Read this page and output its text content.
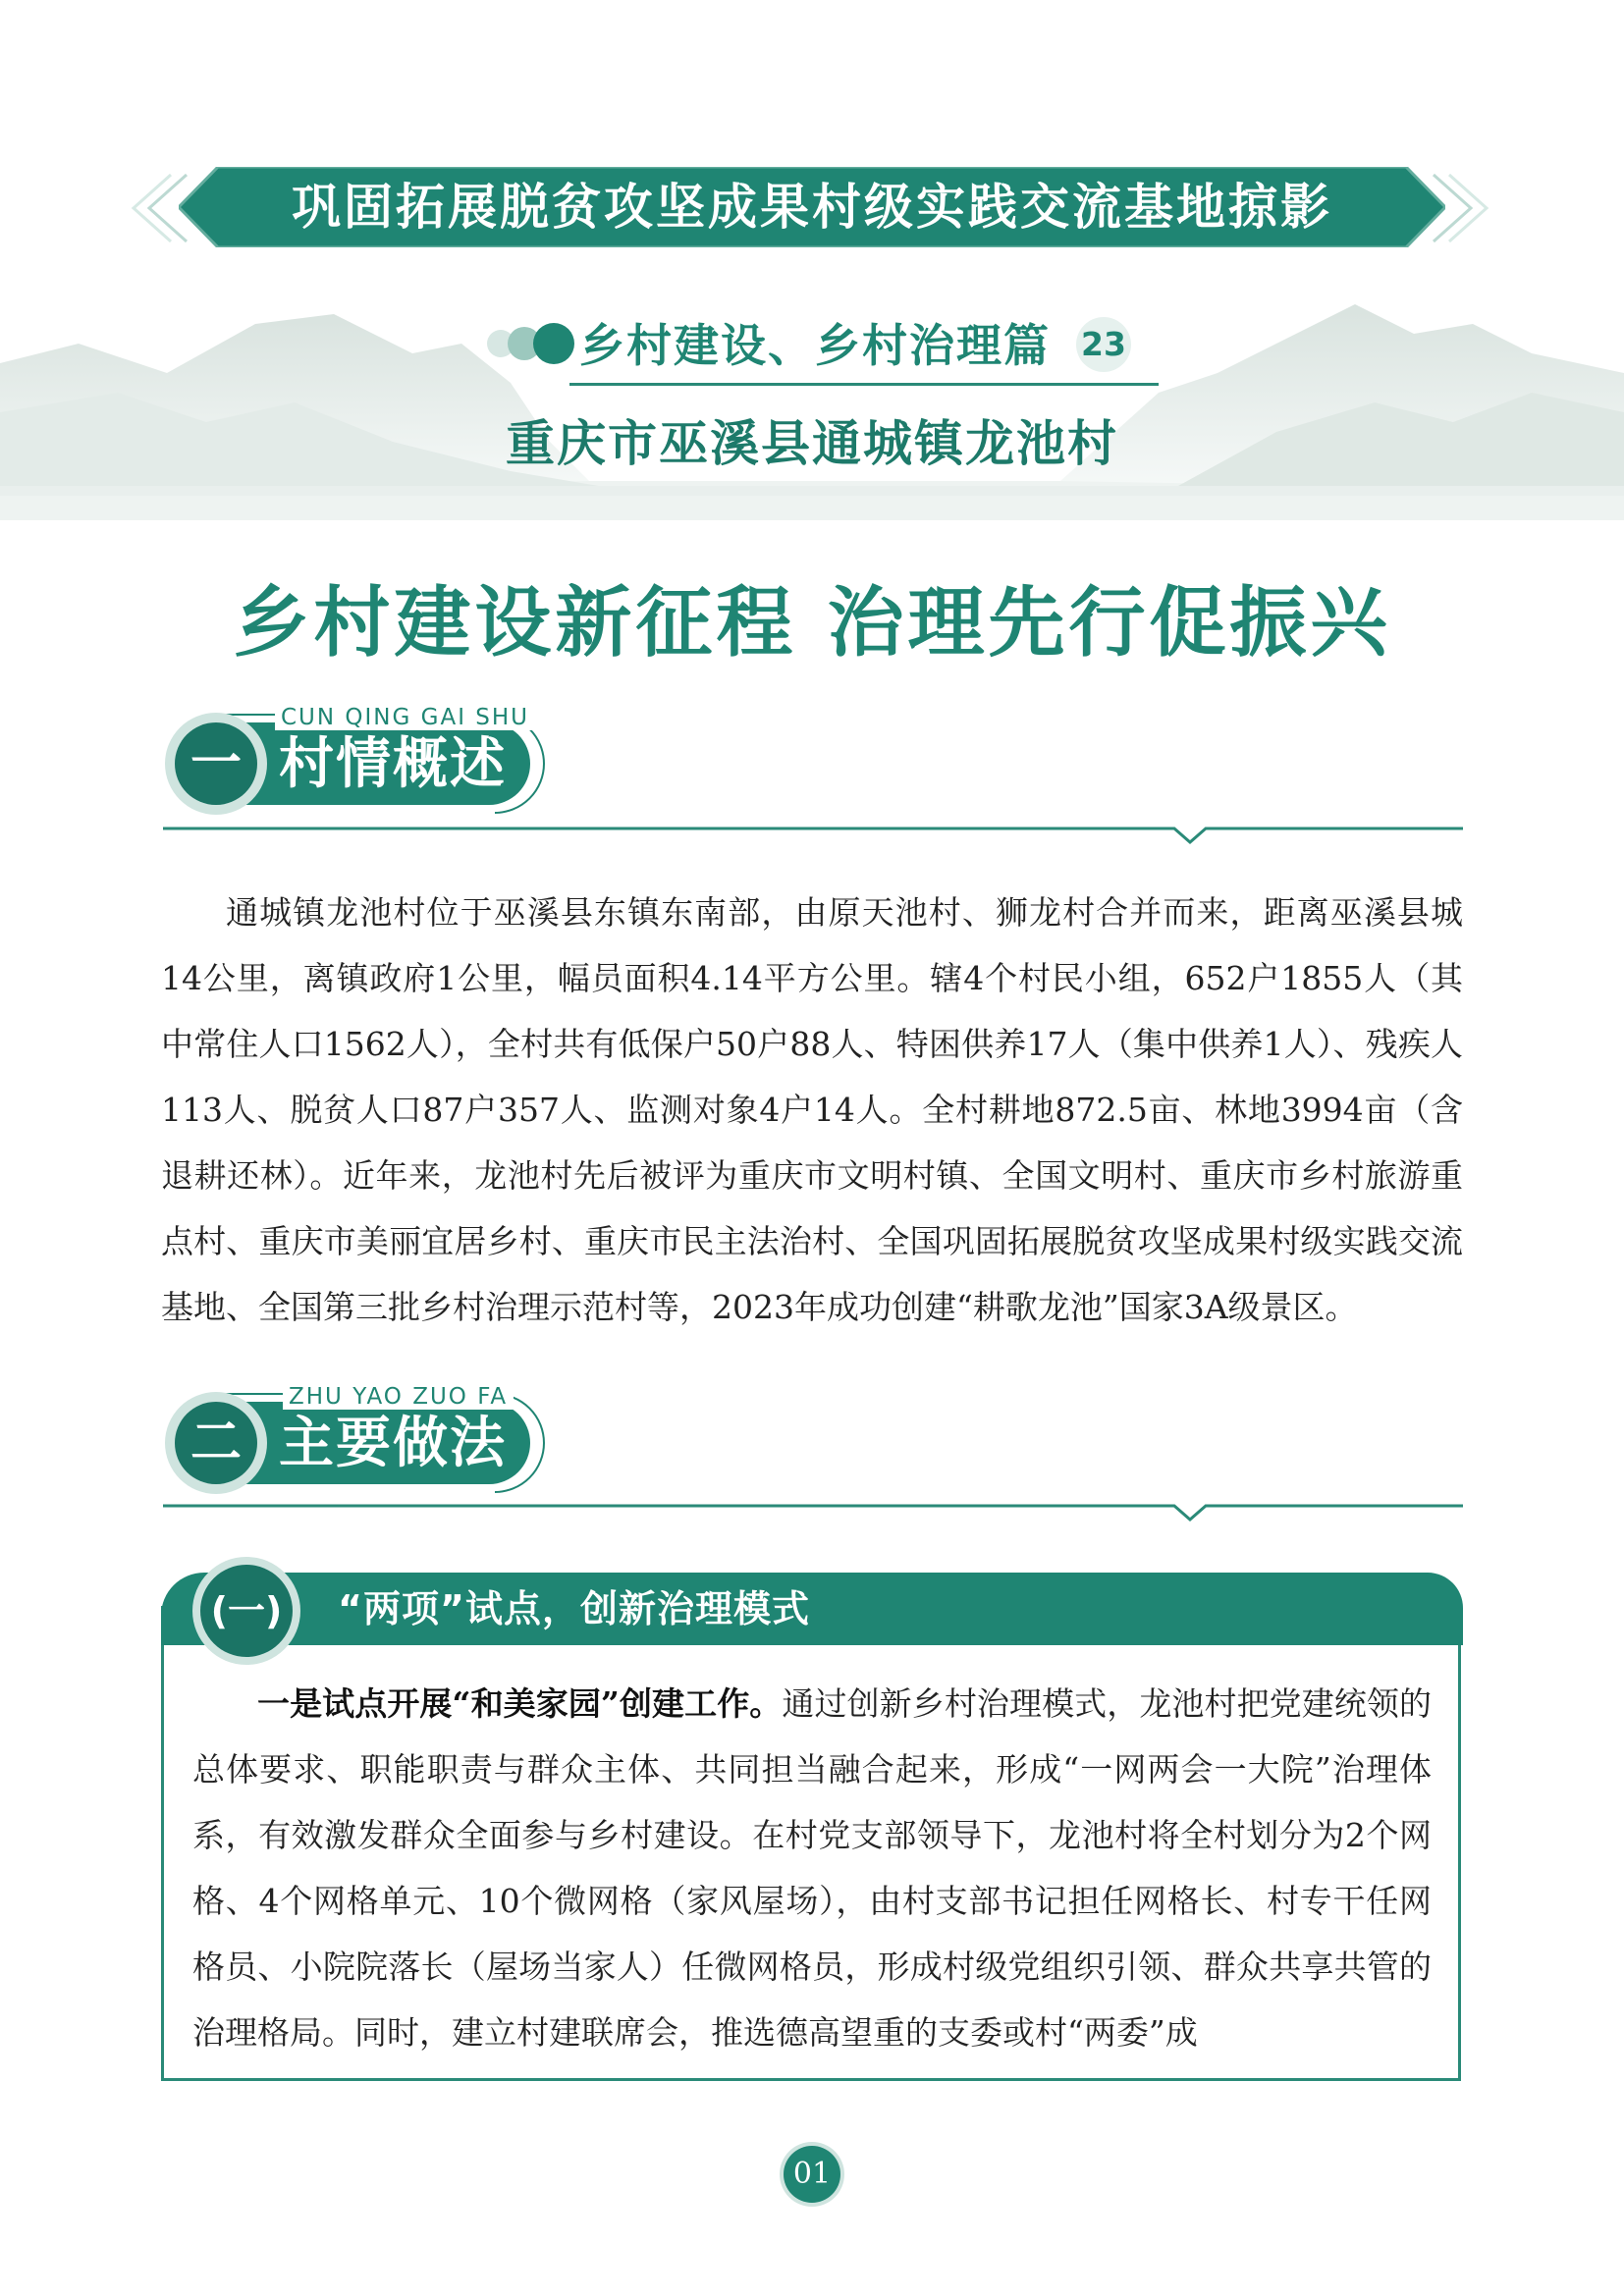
巩固拓展脱贫攻坚成果村级实践交流基地掠影
乡村建设、乡村治理篇 23
重庆市巫溪县通城镇龙池村
乡村建设新征程 治理先行促振兴
CUN QING GAI SHU
一 村情概述
通城镇龙池村位于巫溪县东镇东南部，由原天池村、狮龙村合并而来，距离巫溪县城14公里，离镇政府1公里，幅员面积4.14平方公里。辖4个村民小组，652户1855人（其中常住人口1562人），全村共有低保户50户88人、特困供养17人（集中供养1人）、残疾人113人、脱贫人口87户357人、监测对象4户14人。全村耕地872.5亩、林地3994亩（含退耕还林）。近年来，龙池村先后被评为重庆市文明村镇、全国文明村、重庆市乡村旅游重点村、重庆市美丽宜居乡村、重庆市民主法治村、全国巩固拓展脱贫攻坚成果村级实践交流基地、全国第三批乡村治理示范村等，2023年成功创建“耕歌龙池”国家3A级景区。
ZHU YAO ZUO FA
二 主要做法
(一) “两项”试点，创新治理模式
一是试点开展“和美家园”创建工作。通过创新乡村治理模式，龙池村把党建统领的总体要求、职能职责与群众主体、共同担当融合起来，形成“一网两会一大院”治理体系，有效激发群众全面参与乡村建设。在村党支部领导下，龙池村将全村划分为2个网格、4个网格单元、10个微网格（家风屋场），由村支部书记担任网格长、村专干任网格员、小院院落长（屋场当家人）任微网格员，形成村级党组织引领、群众共享共管的治理格局。同时，建立村建联席会，推选德高望重的支委或村“两委”成
01
